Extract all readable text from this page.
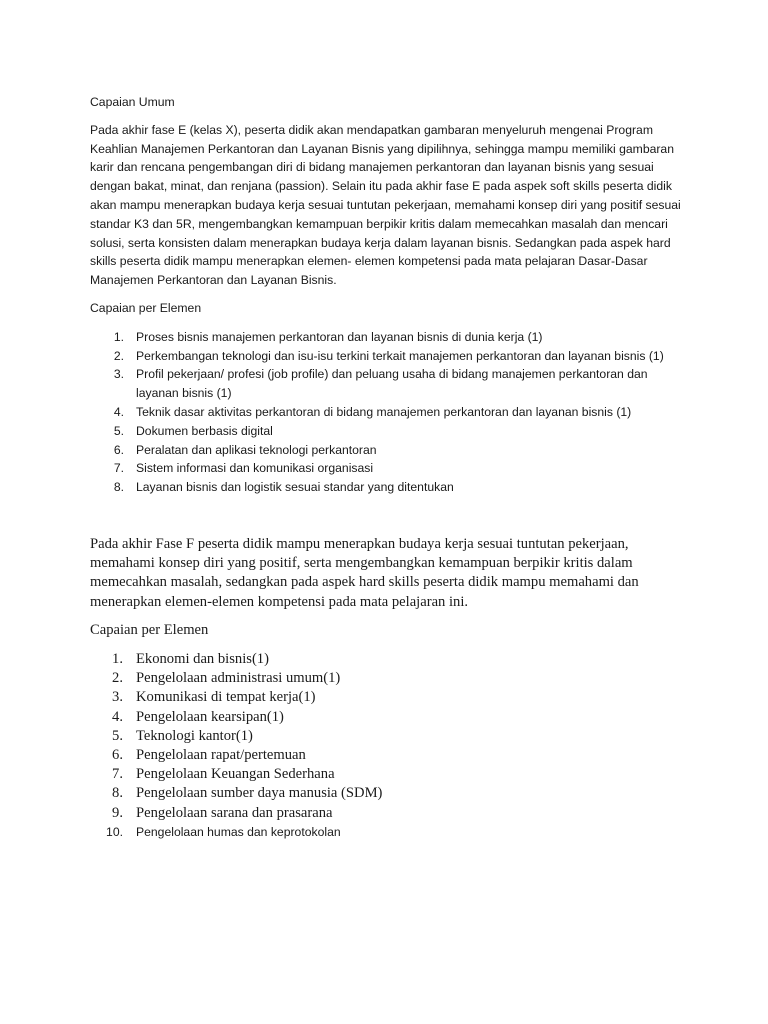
Capaian Umum

Pada akhir fase E (kelas X), peserta didik akan mendapatkan gambaran menyeluruh mengenai Program Keahlian Manajemen Perkantoran dan Layanan Bisnis yang dipilihnya, sehingga mampu memiliki gambaran karir dan rencana pengembangan diri di bidang manajemen perkantoran dan layanan bisnis yang sesuai dengan bakat, minat, dan renjana (passion). Selain itu pada akhir fase E pada aspek soft skills peserta didik akan mampu menerapkan budaya kerja sesuai tuntutan pekerjaan, memahami konsep diri yang positif sesuai standar K3 dan 5R, mengembangkan kemampuan berpikir kritis dalam memecahkan masalah dan mencari solusi, serta konsisten dalam menerapkan budaya kerja dalam layanan bisnis. Sedangkan pada aspek hard skills peserta didik mampu menerapkan elemen- elemen kompetensi pada mata pelajaran Dasar-Dasar Manajemen Perkantoran dan Layanan Bisnis.

Capaian per Elemen

1. Proses bisnis manajemen perkantoran dan layanan bisnis di dunia kerja (1)
2. Perkembangan teknologi dan isu-isu terkini terkait manajemen perkantoran dan layanan bisnis (1)
3. Profil pekerjaan/ profesi (job profile) dan peluang usaha di bidang manajemen perkantoran dan layanan bisnis (1)
4. Teknik dasar aktivitas perkantoran di bidang manajemen perkantoran dan layanan bisnis (1)
5. Dokumen berbasis digital
6. Peralatan dan aplikasi teknologi perkantoran
7. Sistem informasi dan komunikasi organisasi
8. Layanan bisnis dan logistik sesuai standar yang ditentukan

Pada akhir Fase F peserta didik mampu menerapkan budaya kerja sesuai tuntutan pekerjaan, memahami konsep diri yang positif, serta mengembangkan kemampuan berpikir kritis dalam memecahkan masalah, sedangkan pada aspek hard skills peserta didik mampu memahami dan menerapkan elemen-elemen kompetensi pada mata pelajaran ini.

Capaian per Elemen

1. Ekonomi dan bisnis(1)
2. Pengelolaan administrasi umum(1)
3. Komunikasi di tempat kerja(1)
4. Pengelolaan kearsipan(1)
5. Teknologi kantor(1)
6. Pengelolaan rapat/pertemuan
7. Pengelolaan Keuangan Sederhana
8. Pengelolaan sumber daya manusia (SDM)
9. Pengelolaan sarana dan prasarana
10. Pengelolaan humas dan keprotokolan
